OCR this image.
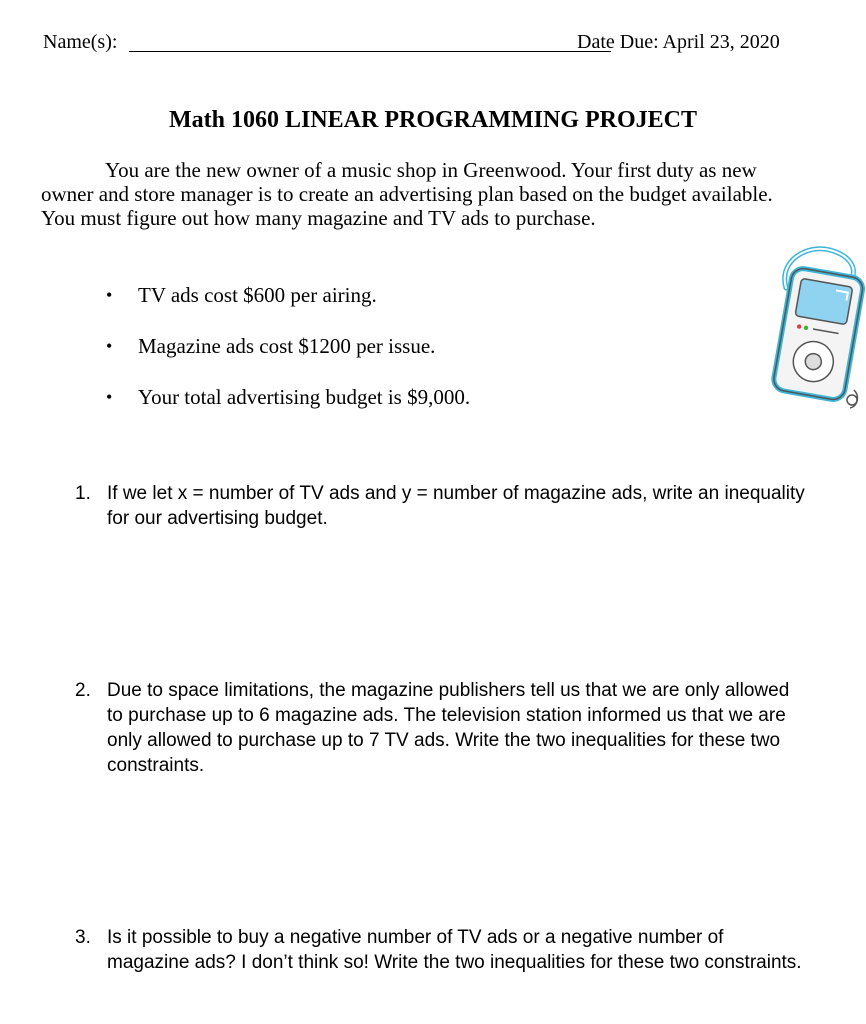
Name(s):	Date Due: April 23, 2020
Math 1060 LINEAR PROGRAMMING PROJECT

You are the new owner of a music shop in Greenwood. Your first duty as new owner and store manager is to create an advertising plan based on the budget available. You must figure out how many magazine and TV ads to purchase.

• TV ads cost $600 per airing.
• Magazine ads cost $1200 per issue.
• Your total advertising budget is $9,000.
1. If we let x = number of TV ads and y = number of magazine ads, write an inequality for our advertising budget.
2. Due to space limitations, the magazine publishers tell us that we are only allowed to purchase up to 6 magazine ads. The television station informed us that we are only allowed to purchase up to 7 TV ads. Write the two inequalities for these two constraints.
3. Is it possible to buy a negative number of TV ads or a negative number of magazine ads? I don’t think so! Write the two inequalities for these two constraints.
